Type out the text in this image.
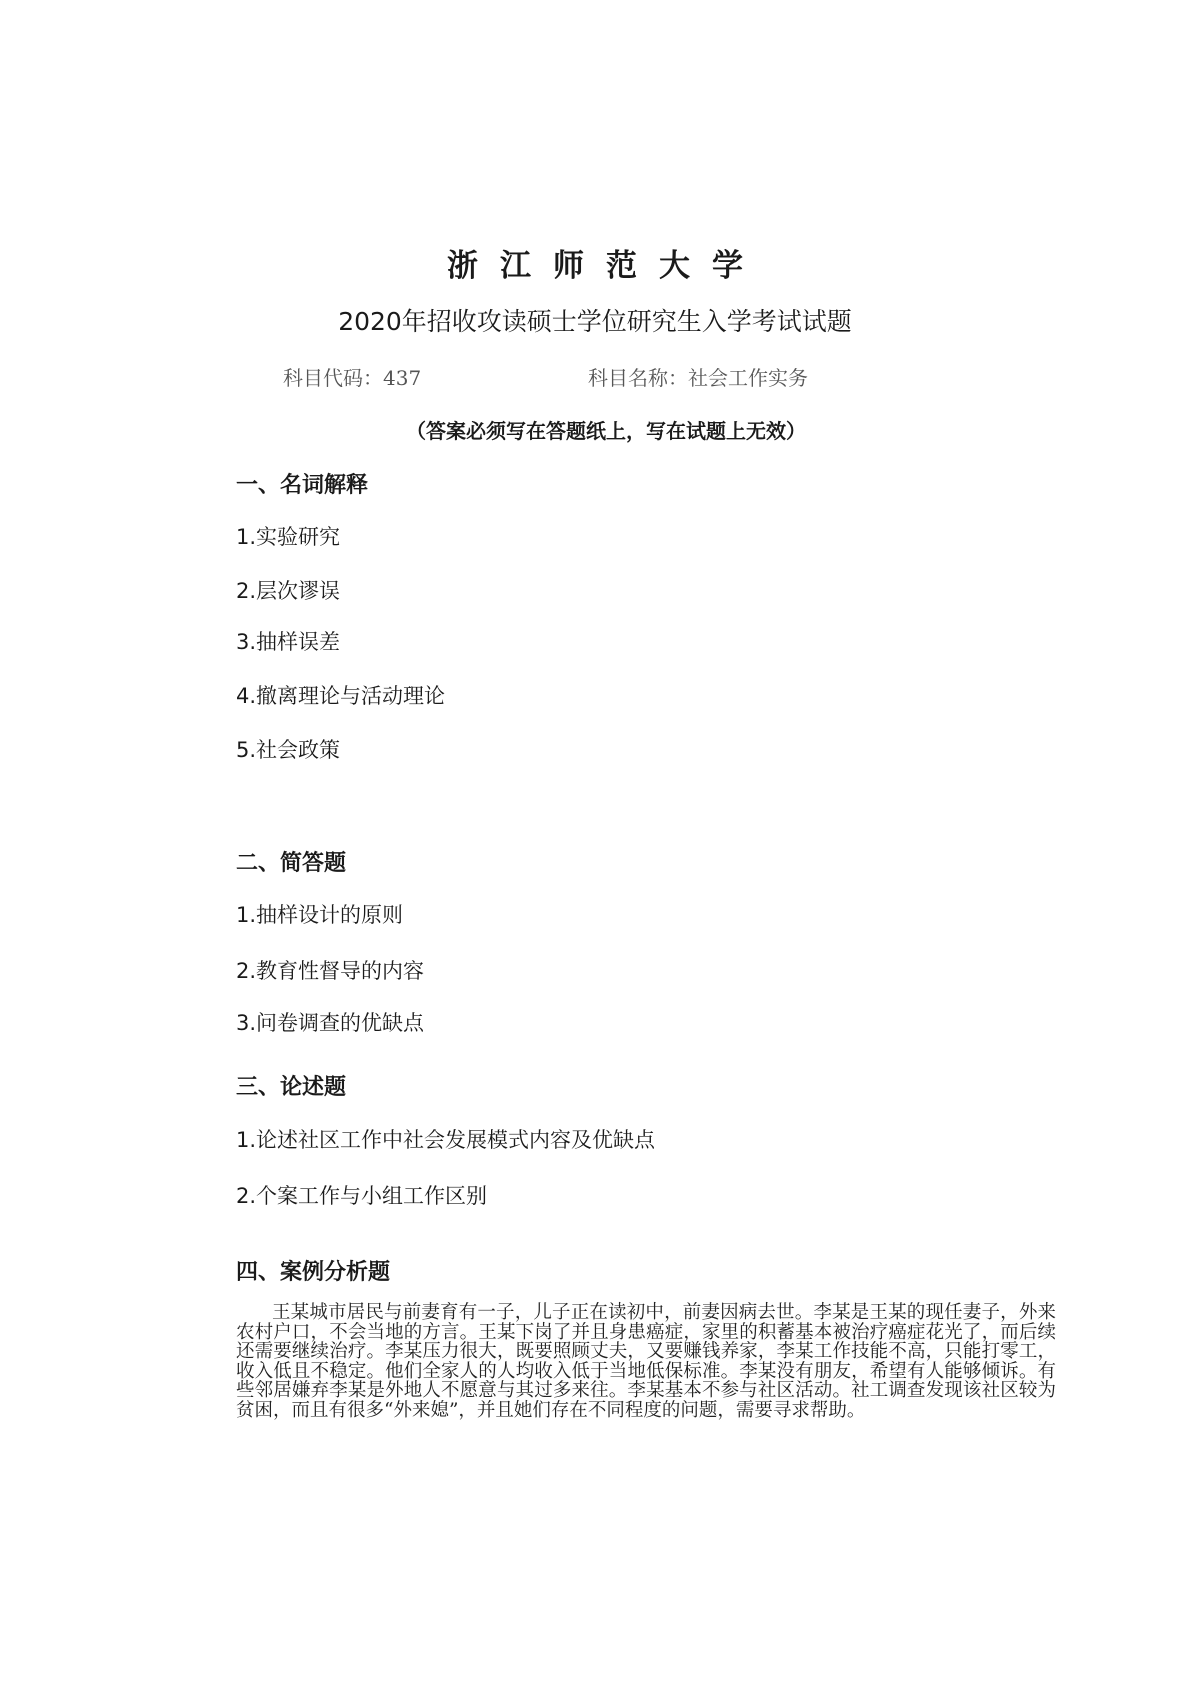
浙江师范大学
2020年招收攻读硕士学位研究生入学考试试题
科目代码：437	科目名称：社会工作实务
（答案必须写在答题纸上，写在试题上无效）
一、名词解释
1.实验研究
2.层次谬误
3.抽样误差
4.撤离理论与活动理论
5.社会政策
二、简答题
1.抽样设计的原则
2.教育性督导的内容
3.问卷调查的优缺点
三、论述题
1.论述社区工作中社会发展模式内容及优缺点
2.个案工作与小组工作区别
四、案例分析题
王某城市居民与前妻育有一子，儿子正在读初中，前妻因病去世。李某是王某的现任妻子，外来农村户口，不会当地的方言。王某下岗了并且身患癌症，家里的积蓄基本被治疗癌症花光了，而后续还需要继续治疗。李某压力很大，既要照顾丈夫，又要赚钱养家，李某工作技能不高，只能打零工，收入低且不稳定。他们全家人的人均收入低于当地低保标准。李某没有朋友，希望有人能够倾诉。有些邻居嫌弃李某是外地人不愿意与其过多来往。李某基本不参与社区活动。社工调查发现该社区较为贫困，而且有很多“外来媳”，并且她们存在不同程度的问题，需要寻求帮助。
